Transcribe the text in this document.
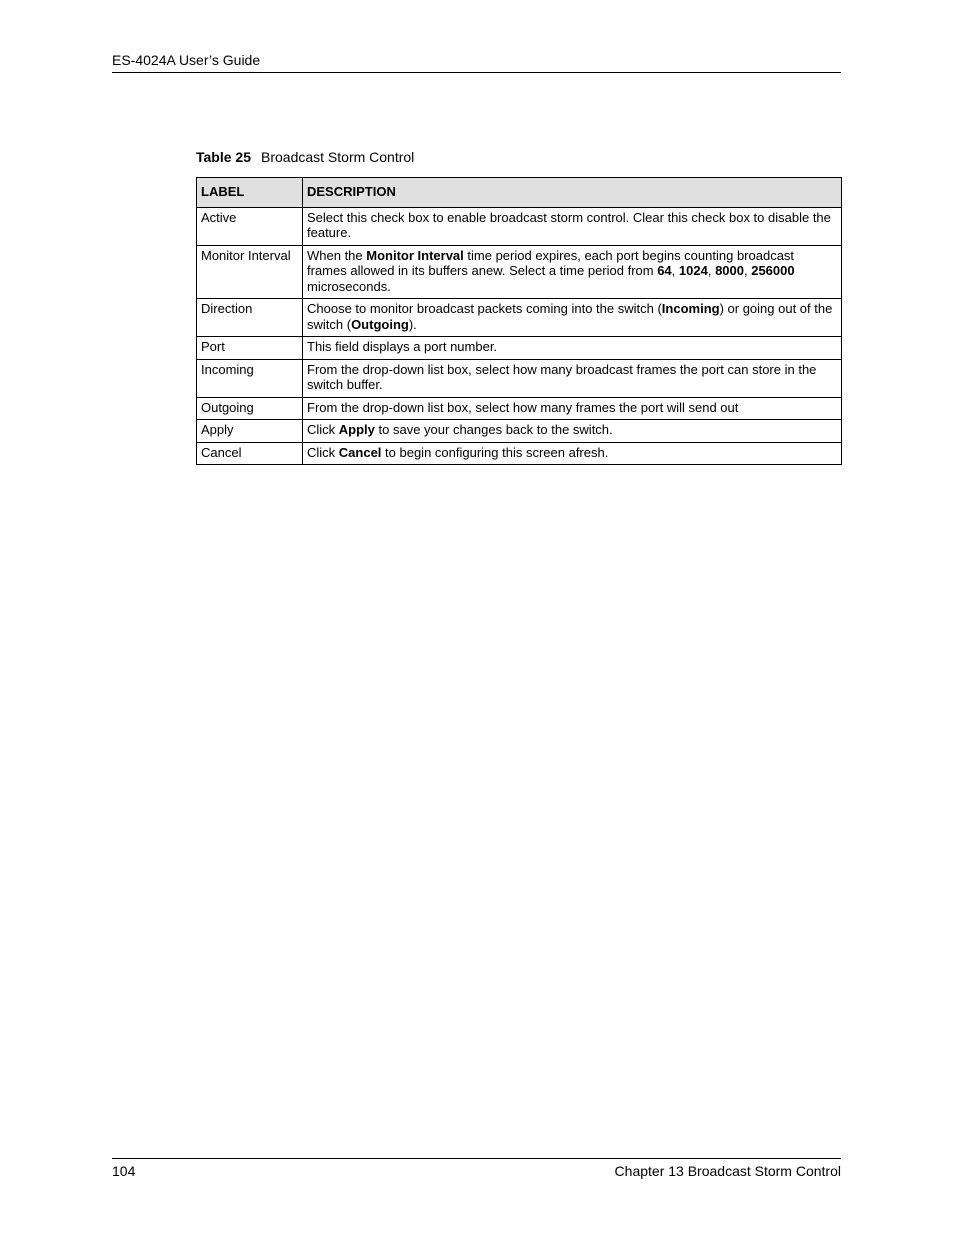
ES-4024A User’s Guide
Table 25 Broadcast Storm Control
LABEL	DESCRIPTION
Active	Select this check box to enable broadcast storm control. Clear this check box to disable the feature.
Monitor Interval	When the Monitor Interval time period expires, each port begins counting broadcast frames allowed in its buffers anew. Select a time period from 64, 1024, 8000, 256000 microseconds.
Direction	Choose to monitor broadcast packets coming into the switch (Incoming) or going out of the switch (Outgoing).
Port	This field displays a port number.
Incoming	From the drop-down list box, select how many broadcast frames the port can store in the switch buffer.
Outgoing	From the drop-down list box, select how many frames the port will send out
Apply	Click Apply to save your changes back to the switch.
Cancel	Click Cancel to begin configuring this screen afresh.
104	Chapter 13 Broadcast Storm Control
